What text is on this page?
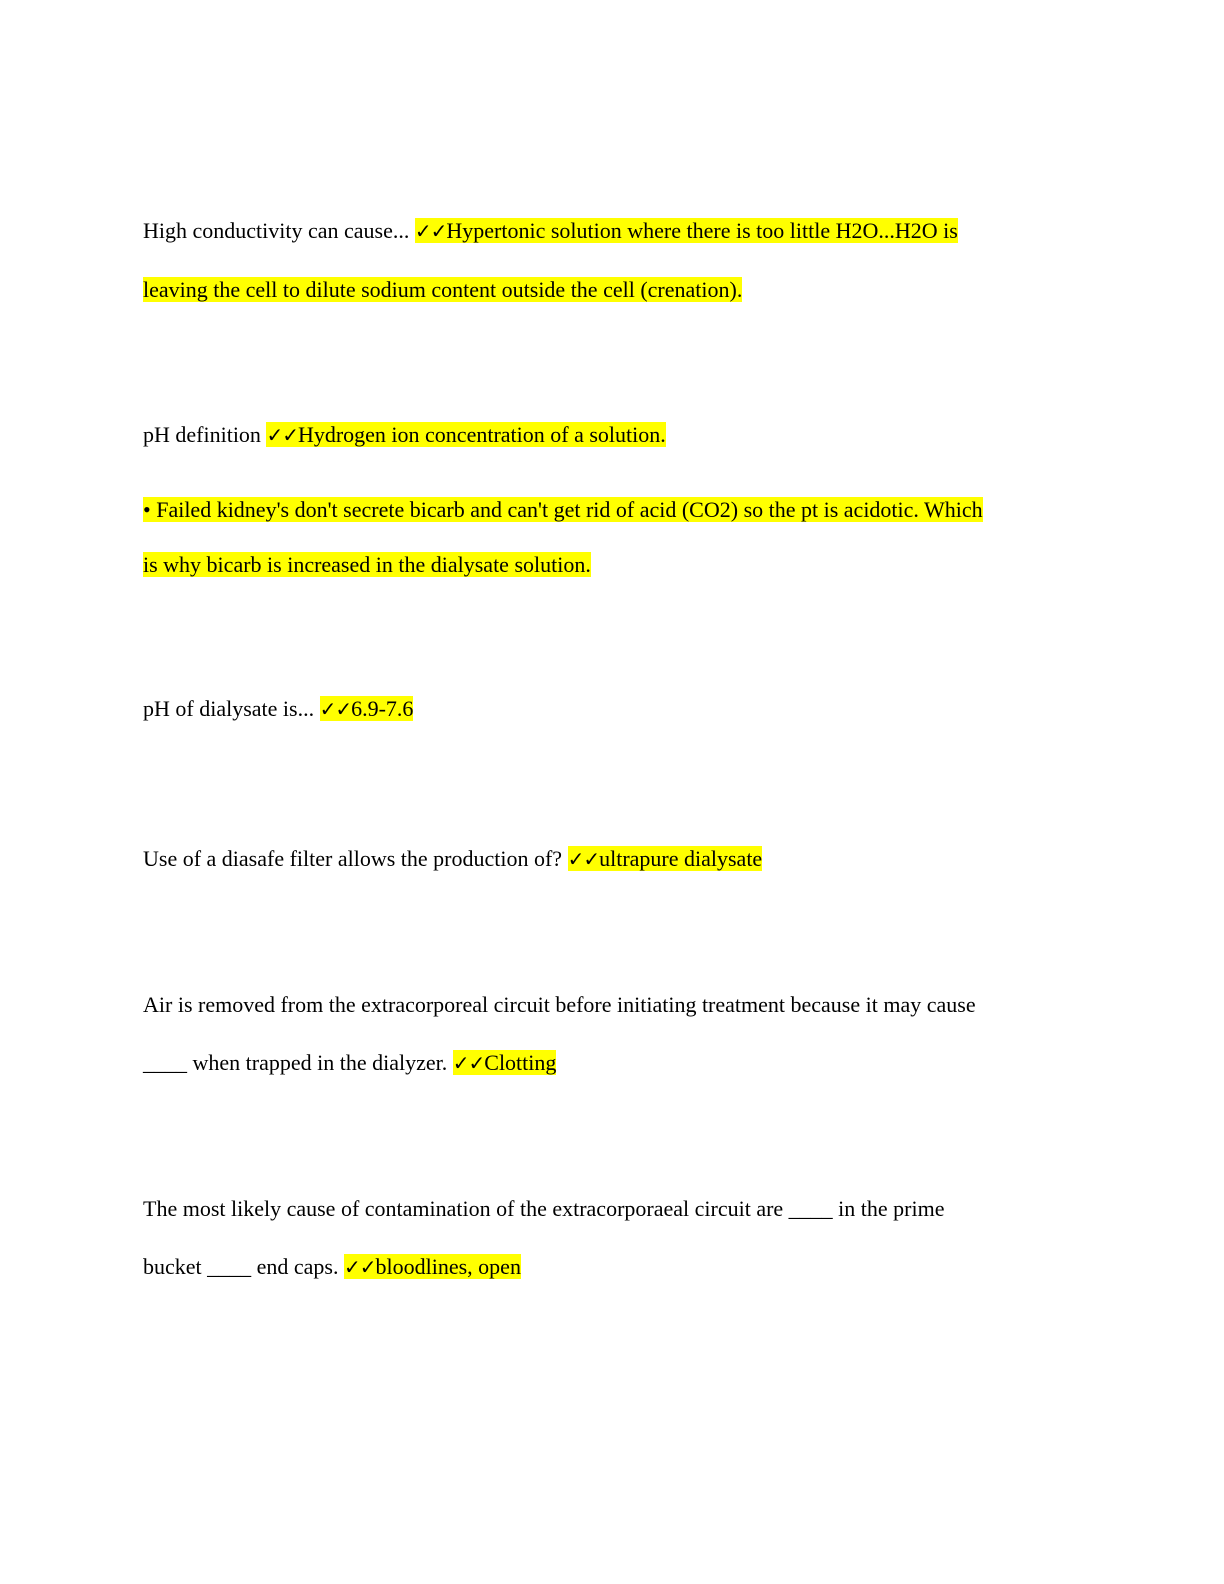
High conductivity can cause... ✓✓Hypertonic solution where there is too little H2O...H2O is
leaving the cell to dilute sodium content outside the cell (crenation).
pH definition ✓✓Hydrogen ion concentration of a solution.
• Failed kidney's don't secrete bicarb and can't get rid of acid (CO2) so the pt is acidotic. Which
is why bicarb is increased in the dialysate solution.
pH of dialysate is... ✓✓6.9-7.6
Use of a diasafe filter allows the production of? ✓✓ultrapure dialysate
Air is removed from the extracorporeal circuit before initiating treatment because it may cause
____ when trapped in the dialyzer. ✓✓Clotting
The most likely cause of contamination of the extracorporaeal circuit are ____ in the prime
bucket ____ end caps. ✓✓bloodlines, open
